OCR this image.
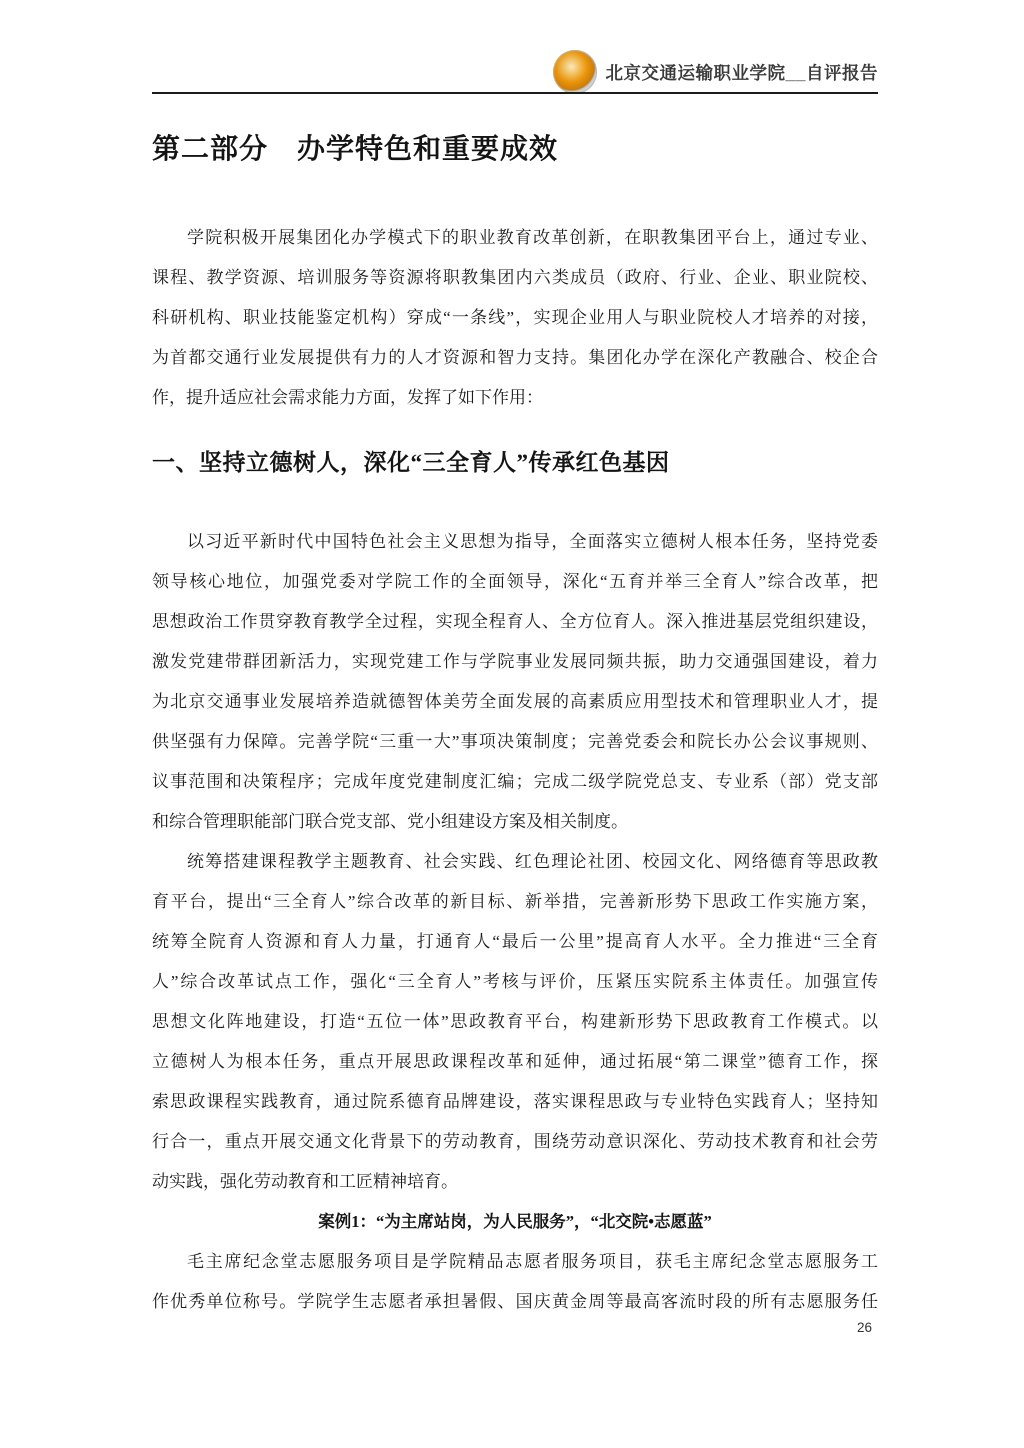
北京交通运输职业学院__自评报告
第二部分　办学特色和重要成效
学院积极开展集团化办学模式下的职业教育改革创新，在职教集团平台上，通过专业、
课程、教学资源、培训服务等资源将职教集团内六类成员（政府、行业、企业、职业院校、
科研机构、职业技能鉴定机构）穿成“一条线”，实现企业用人与职业院校人才培养的对接，
为首都交通行业发展提供有力的人才资源和智力支持。集团化办学在深化产教融合、校企合
作，提升适应社会需求能力方面，发挥了如下作用：
一、坚持立德树人，深化“三全育人”传承红色基因
以习近平新时代中国特色社会主义思想为指导，全面落实立德树人根本任务，坚持党委
领导核心地位，加强党委对学院工作的全面领导，深化“五育并举三全育人”综合改革，把
思想政治工作贯穿教育教学全过程，实现全程育人、全方位育人。深入推进基层党组织建设，
激发党建带群团新活力，实现党建工作与学院事业发展同频共振，助力交通强国建设，着力
为北京交通事业发展培养造就德智体美劳全面发展的高素质应用型技术和管理职业人才，提
供坚强有力保障。完善学院“三重一大”事项决策制度；完善党委会和院长办公会议事规则、
议事范围和决策程序；完成年度党建制度汇编；完成二级学院党总支、专业系（部）党支部
和综合管理职能部门联合党支部、党小组建设方案及相关制度。
统筹搭建课程教学主题教育、社会实践、红色理论社团、校园文化、网络德育等思政教
育平台，提出“三全育人”综合改革的新目标、新举措，完善新形势下思政工作实施方案，
统筹全院育人资源和育人力量，打通育人“最后一公里”提高育人水平。全力推进“三全育
人”综合改革试点工作，强化“三全育人”考核与评价，压紧压实院系主体责任。加强宣传
思想文化阵地建设，打造“五位一体”思政教育平台，构建新形势下思政教育工作模式。以
立德树人为根本任务，重点开展思政课程改革和延伸，通过拓展“第二课堂”德育工作，探
索思政课程实践教育，通过院系德育品牌建设，落实课程思政与专业特色实践育人；坚持知
行合一，重点开展交通文化背景下的劳动教育，围绕劳动意识深化、劳动技术教育和社会劳
动实践，强化劳动教育和工匠精神培育。
案例1：“为主席站岗，为人民服务”，“北交院•志愿蓝”
毛主席纪念堂志愿服务项目是学院精品志愿者服务项目，获毛主席纪念堂志愿服务工
作优秀单位称号。学院学生志愿者承担暑假、国庆黄金周等最高客流时段的所有志愿服务任
26
